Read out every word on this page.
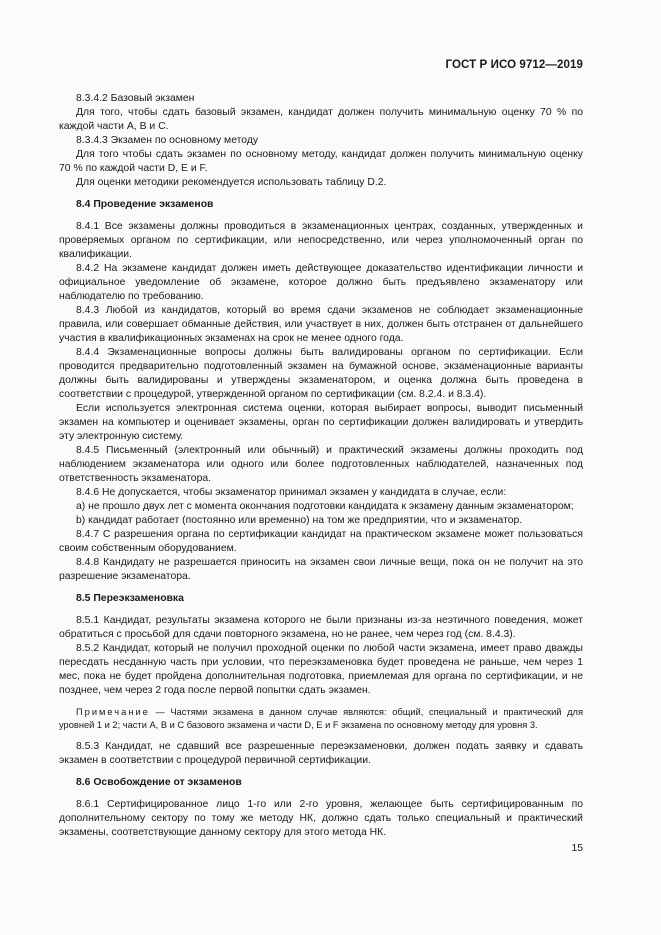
ГОСТ Р ИСО 9712—2019

8.3.4.2 Базовый экзамен

Для того, чтобы сдать базовый экзамен, кандидат должен получить минимальную оценку 70 % по каждой части А, В и С.

8.3.4.3 Экзамен по основному методу

Для того чтобы сдать экзамен по основному методу, кандидат должен получить минимальную оценку 70 % по каждой части D, Е и F.

Для оценки методики рекомендуется использовать таблицу D.2.

8.4 Проведение экзаменов

8.4.1 Все экзамены должны проводиться в экзаменационных центрах, созданных, утвержденных и проверяемых органом по сертификации, или непосредственно, или через уполномоченный орган по квалификации.

8.4.2 На экзамене кандидат должен иметь действующее доказательство идентификации личности и официальное уведомление об экзамене, которое должно быть предъявлено экзаменатору или наблюдателю по требованию.

8.4.3 Любой из кандидатов, который во время сдачи экзаменов не соблюдает экзаменационные правила, или совершает обманные действия, или участвует в них, должен быть отстранен от дальнейшего участия в квалификационных экзаменах на срок не менее одного года.

8.4.4 Экзаменационные вопросы должны быть валидированы органом по сертификации. Если проводится предварительно подготовленный экзамен на бумажной основе, экзаменационные варианты должны быть валидированы и утверждены экзаменатором, и оценка должна быть проведена в соответствии с процедурой, утвержденной органом по сертификации (см. 8.2.4. и 8.3.4).

Если используется электронная система оценки, которая выбирает вопросы, выводит письменный экзамен на компьютер и оценивает экзамены, орган по сертификации должен валидировать и утвердить эту электронную систему.

8.4.5 Письменный (электронный или обычный) и практический экзамены должны проходить под наблюдением экзаменатора или одного или более подготовленных наблюдателей, назначенных под ответственность экзаменатора.

8.4.6 Не допускается, чтобы экзаменатор принимал экзамен у кандидата в случае, если:

a) не прошло двух лет с момента окончания подготовки кандидата к экзамену данным экзаменатором;

b) кандидат работает (постоянно или временно) на том же предприятии, что и экзаменатор.

8.4.7 С разрешения органа по сертификации кандидат на практическом экзамене может пользоваться своим собственным оборудованием.

8.4.8 Кандидату не разрешается приносить на экзамен свои личные вещи, пока он не получит на это разрешение экзаменатора.

8.5 Переэкзаменовка

8.5.1 Кандидат, результаты экзамена которого не были признаны из-за неэтичного поведения, может обратиться с просьбой для сдачи повторного экзамена, но не ранее, чем через год (см. 8.4.3).

8.5.2 Кандидат, который не получил проходной оценки по любой части экзамена, имеет право дважды пересдать несданную часть при условии, что переэкзаменовка будет проведена не раньше, чем через 1 мес, пока не будет пройдена дополнительная подготовка, приемлемая для органа по сертификации, и не позднее, чем через 2 года после первой попытки сдать экзамен.

Примечание — Частями экзамена в данном случае являются: общий, специальный и практический для уровней 1 и 2; части А, В и С базового экзамена и части D, Е и F экзамена по основному методу для уровня 3.

8.5.3 Кандидат, не сдавший все разрешенные переэкзаменовки, должен подать заявку и сдавать экзамен в соответствии с процедурой первичной сертификации.

8.6 Освобождение от экзаменов

8.6.1 Сертифицированное лицо 1-го или 2-го уровня, желающее быть сертифицированным по дополнительному сектору по тому же методу НК, должно сдать только специальный и практический экзамены, соответствующие данному сектору для этого метода НК.

15
